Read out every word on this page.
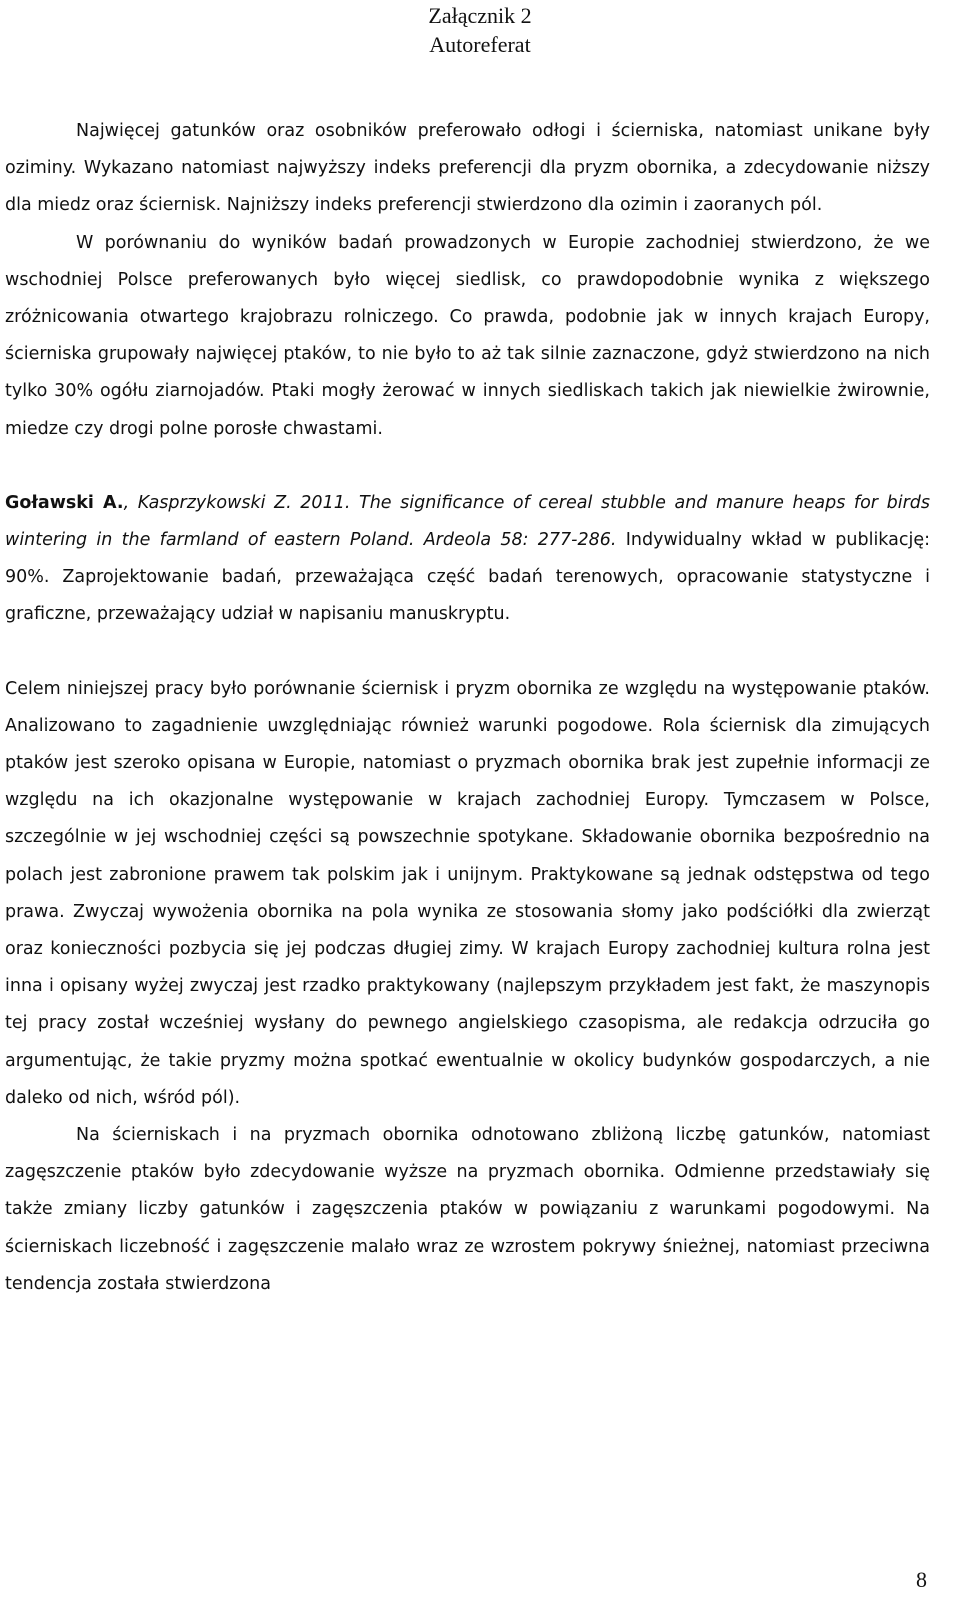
Załącznik 2
Autoreferat

Najwięcej gatunków oraz osobników preferowało odłogi i ścierniska, natomiast unikane były oziminy. Wykazano natomiast najwyższy indeks preferencji dla pryzm obornika, a zdecydowanie niższy dla miedz oraz ściernisk. Najniższy indeks preferencji stwierdzono dla ozimin i zaoranych pól.

W porównaniu do wyników badań prowadzonych w Europie zachodniej stwierdzono, że we wschodniej Polsce preferowanych było więcej siedlisk, co prawdopodobnie wynika z większego zróżnicowania otwartego krajobrazu rolniczego. Co prawda, podobnie jak w innych krajach Europy, ścierniska grupowały najwięcej ptaków, to nie było to aż tak silnie zaznaczone, gdyż stwierdzono na nich tylko 30% ogółu ziarnojadów. Ptaki mogły żerować w innych siedliskach takich jak niewielkie żwirownie, miedze czy drogi polne porosłe chwastami.

Goławski A., Kasprzykowski Z. 2011. The significance of cereal stubble and manure heaps for birds wintering in the farmland of eastern Poland. Ardeola 58: 277-286. Indywidualny wkład w publikację: 90%. Zaprojektowanie badań, przeważająca część badań terenowych, opracowanie statystyczne i graficzne, przeważający udział w napisaniu manuskryptu.

Celem niniejszej pracy było porównanie ściernisk i pryzm obornika ze względu na występowanie ptaków. Analizowano to zagadnienie uwzględniając również warunki pogodowe. Rola ściernisk dla zimujących ptaków jest szeroko opisana w Europie, natomiast o pryzmach obornika brak jest zupełnie informacji ze względu na ich okazjonalne występowanie w krajach zachodniej Europy. Tymczasem w Polsce, szczególnie w jej wschodniej części są powszechnie spotykane. Składowanie obornika bezpośrednio na polach jest zabronione prawem tak polskim jak i unijnym. Praktykowane są jednak odstępstwa od tego prawa. Zwyczaj wywożenia obornika na pola wynika ze stosowania słomy jako podściółki dla zwierząt oraz konieczności pozbycia się jej podczas długiej zimy. W krajach Europy zachodniej kultura rolna jest inna i opisany wyżej zwyczaj jest rzadko praktykowany (najlepszym przykładem jest fakt, że maszynopis tej pracy został wcześniej wysłany do pewnego angielskiego czasopisma, ale redakcja odrzuciła go argumentując, że takie pryzmy można spotkać ewentualnie w okolicy budynków gospodarczych, a nie daleko od nich, wśród pól).

Na ścierniskach i na pryzmach obornika odnotowano zbliżoną liczbę gatunków, natomiast zagęszczenie ptaków było zdecydowanie wyższe na pryzmach obornika. Odmienne przedstawiały się także zmiany liczby gatunków i zagęszczenia ptaków w powiązaniu z warunkami pogodowymi. Na ścierniskach liczebność i zagęszczenie malało wraz ze wzrostem pokrywy śnieżnej, natomiast przeciwna tendencja została stwierdzona

8
